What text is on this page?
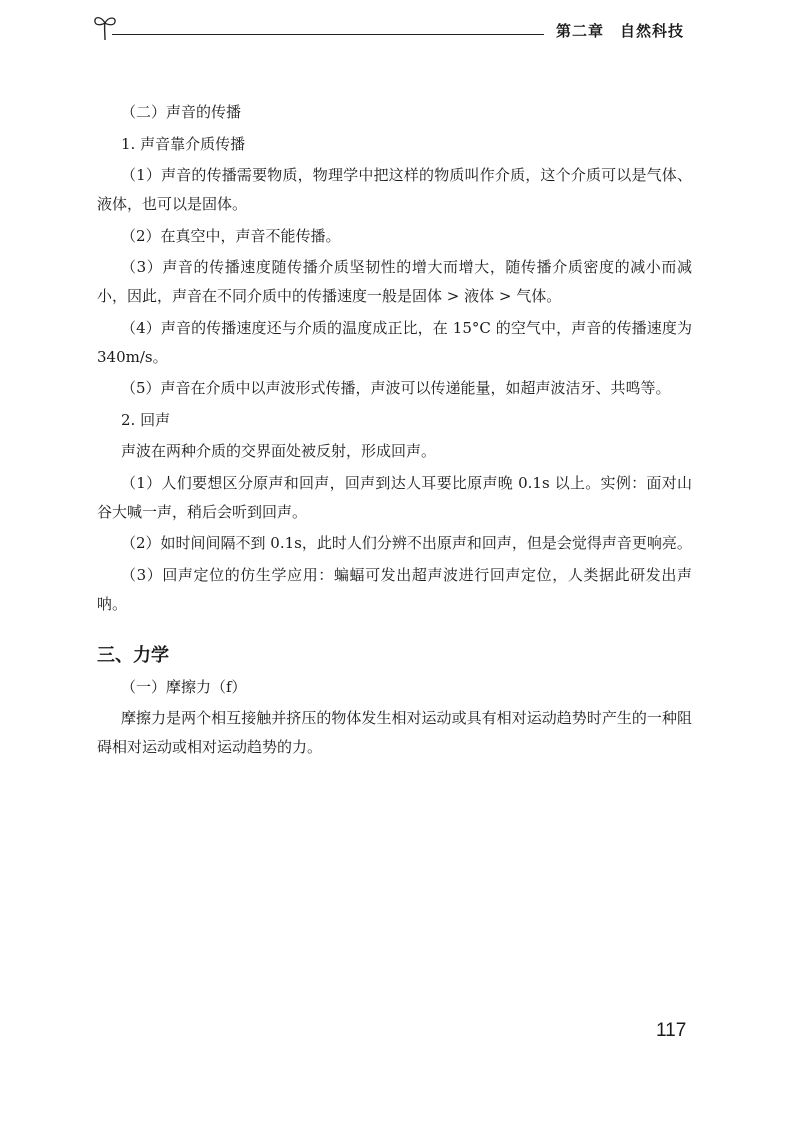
第二章　自然科技

（二）声音的传播

1. 声音靠介质传播

（1）声音的传播需要物质，物理学中把这样的物质叫作介质，这个介质可以是气体、液体，也可以是固体。

（2）在真空中，声音不能传播。

（3）声音的传播速度随传播介质坚韧性的增大而增大，随传播介质密度的减小而减小，因此，声音在不同介质中的传播速度一般是固体 > 液体 > 气体。

（4）声音的传播速度还与介质的温度成正比，在 15°C 的空气中，声音的传播速度为 340m/s。

（5）声音在介质中以声波形式传播，声波可以传递能量，如超声波洁牙、共鸣等。

2. 回声

声波在两种介质的交界面处被反射，形成回声。

（1）人们要想区分原声和回声，回声到达人耳要比原声晚 0.1s 以上。实例：面对山谷大喊一声，稍后会听到回声。

（2）如时间间隔不到 0.1s，此时人们分辨不出原声和回声，但是会觉得声音更响亮。

（3）回声定位的仿生学应用：蝙蝠可发出超声波进行回声定位，人类据此研发出声呐。

三、力学

（一）摩擦力（f）

摩擦力是两个相互接触并挤压的物体发生相对运动或具有相对运动趋势时产生的一种阻碍相对运动或相对运动趋势的力。

117
